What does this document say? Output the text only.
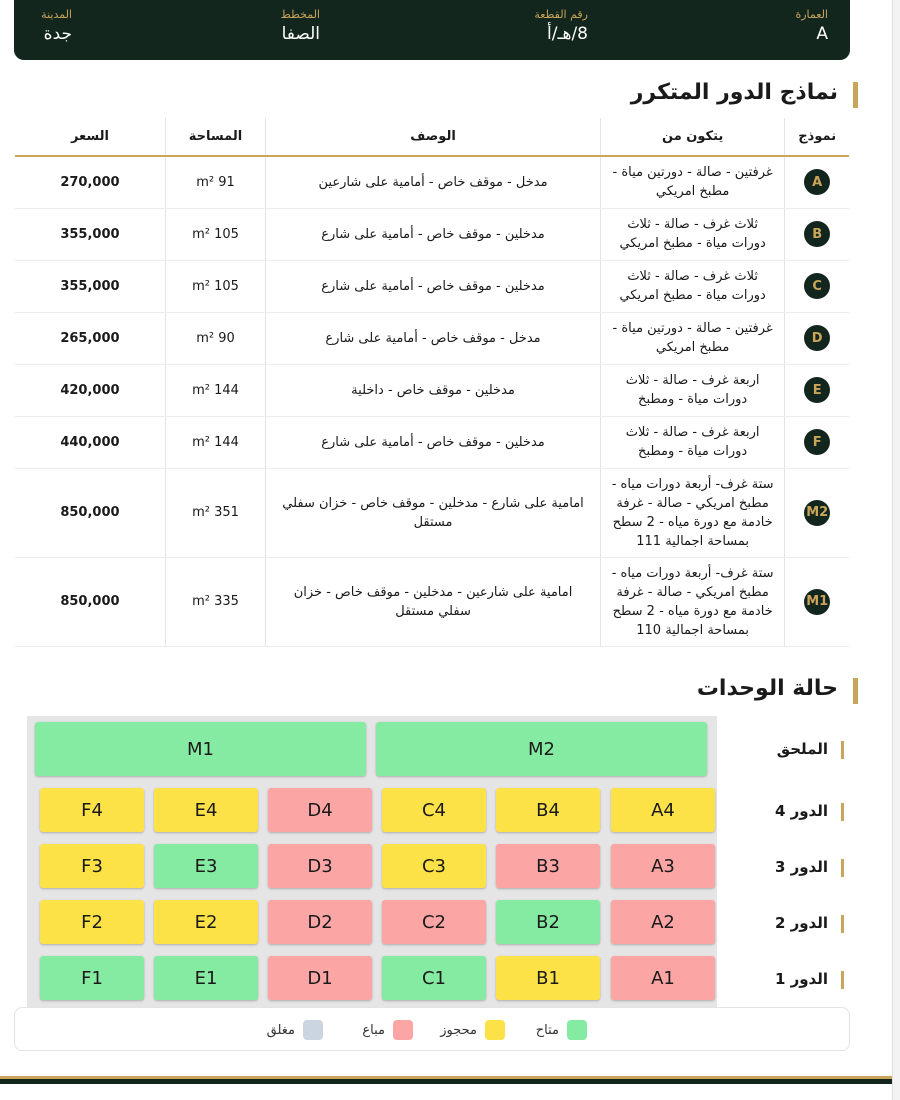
العمارة
A
رقم القطعة
8/هـ/أ
المخطط
الصفا
المدينة
جدة
نماذج الدور المتكرر
نموذج	يتكون من	الوصف	المساحة	السعر
A	غرفتين - صالة - دورتين مياة - مطبخ امريكي	مدخل - موقف خاص - أمامية على شارعين	91 m²	270,000
B	ثلاث غرف - صالة - ثلاث دورات مياة - مطبخ امريكي	مدخلين - موقف خاص - أمامية على شارع	105 m²	355,000
C	ثلاث غرف - صالة - ثلاث دورات مياة - مطبخ امريكي	مدخلين - موقف خاص - أمامية على شارع	105 m²	355,000
D	غرفتين - صالة - دورتين مياة - مطبخ امريكي	مدخل - موقف خاص - أمامية على شارع	90 m²	265,000
E	اربعة غرف - صالة - ثلاث دورات مياة - ومطبخ	مدخلين - موقف خاص - داخلية	144 m²	420,000
F	اربعة غرف - صالة - ثلاث دورات مياة - ومطبخ	مدخلين - موقف خاص - أمامية على شارع	144 m²	440,000
M2	ستة غرف- أربعة دورات مياه - مطبخ امريكي - صالة - غرفة خادمة مع دورة مياه - 2 سطح بمساحة اجمالية 111	امامية على شارع - مدخلين - موقف خاص - خزان سفلي مستقل	351 m²	850,000
M1	ستة غرف- أربعة دورات مياه - مطبخ امريكي - صالة - غرفة خادمة مع دورة مياه - 2 سطح بمساحة اجمالية 110	امامية على شارعين - مدخلين - موقف خاص - خزان سفلي مستقل	335 m²	850,000
حالة الوحدات
M1	M2
F4	E4	D4	C4	B4	A4
F3	E3	D3	C3	B3	A3
F2	E2	D2	C2	B2	A2
F1	E1	D1	C1	B1	A1
الملحق
الدور 4
الدور 3
الدور 2
الدور 1
متاح
محجوز
مباع
مغلق
